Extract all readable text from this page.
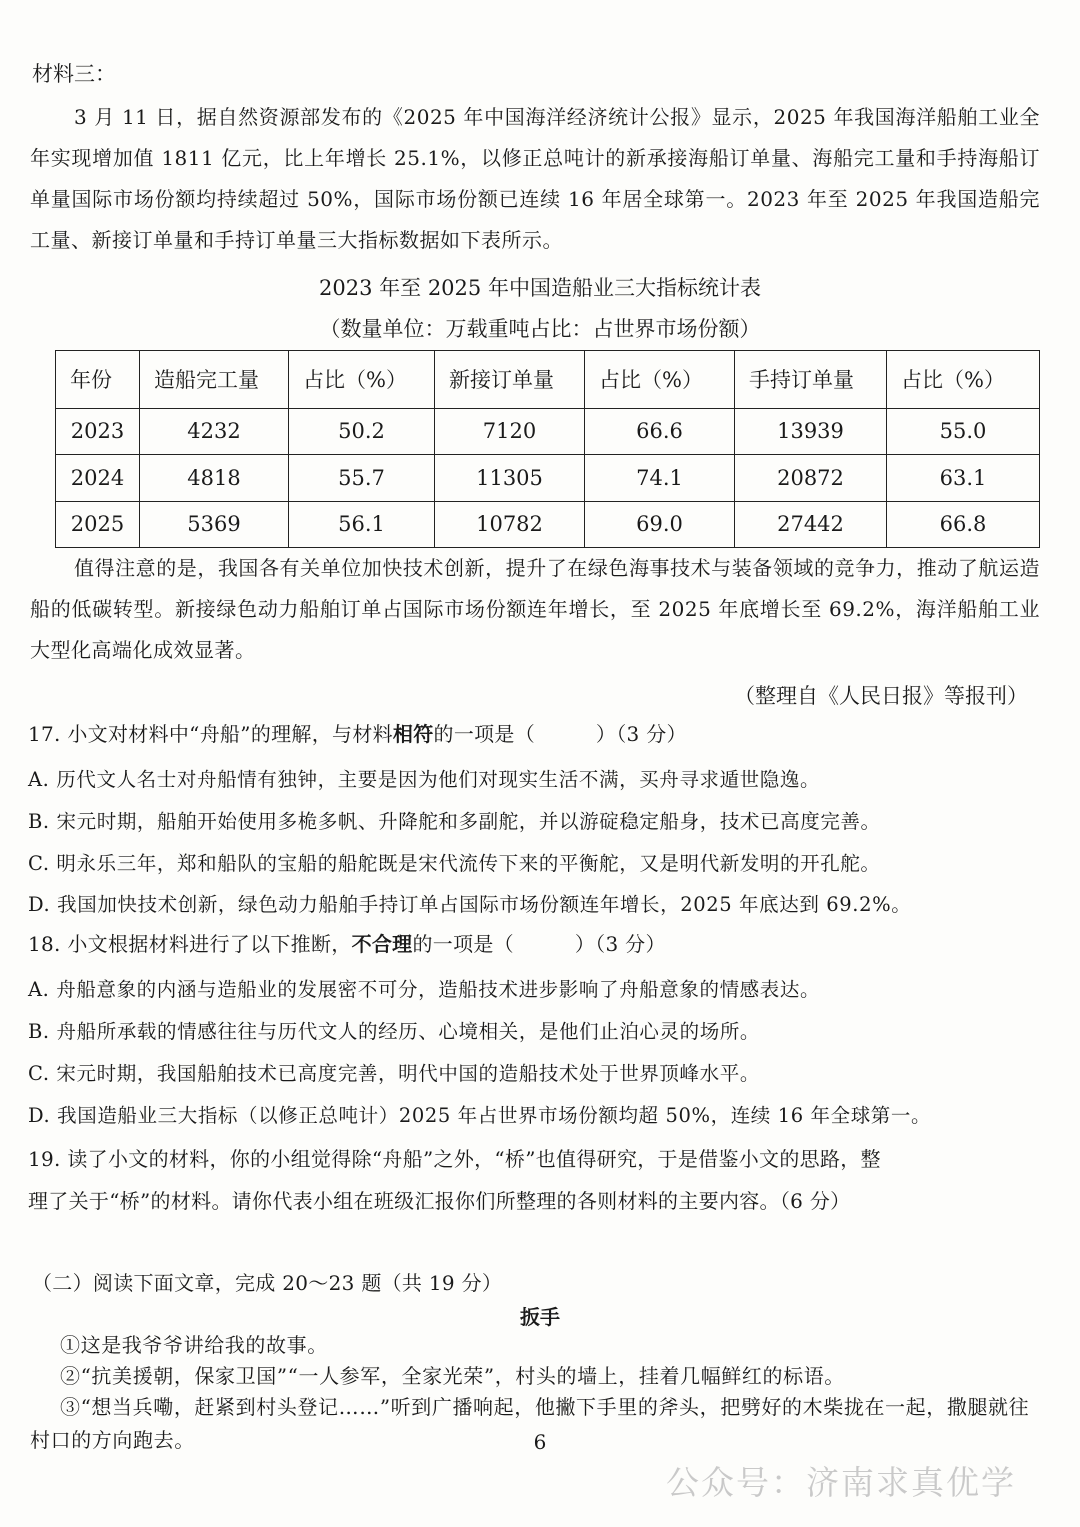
材料三：
3 月 11 日，据自然资源部发布的《2025 年中国海洋经济统计公报》显示，2025 年我国海洋船舶工业全年实现增加值 1811 亿元，比上年增长 25.1%，以修正总吨计的新承接海船订单量、海船完工量和手持海船订单量国际市场份额均持续超过 50%，国际市场份额已连续 16 年居全球第一。2023 年至 2025 年我国造船完工量、新接订单量和手持订单量三大指标数据如下表所示。
2023 年至 2025 年中国造船业三大指标统计表
（数量单位：万载重吨占比：占世界市场份额）
年份	造船完工量	占比（%）	新接订单量	占比（%）	手持订单量	占比（%）
2023	4232	50.2	7120	66.6	13939	55.0
2024	4818	55.7	11305	74.1	20872	63.1
2025	5369	56.1	10782	69.0	27442	66.8
值得注意的是，我国各有关单位加快技术创新，提升了在绿色海事技术与装备领域的竞争力，推动了航运造船的低碳转型。新接绿色动力船舶订单占国际市场份额连年增长，至 2025 年底增长至 69.2%，海洋船舶工业大型化高端化成效显著。
（整理自《人民日报》等报刊）
17. 小文对材料中“舟船”的理解，与材料相符的一项是（　　　）（3 分）
A. 历代文人名士对舟船情有独钟，主要是因为他们对现实生活不满，买舟寻求遁世隐逸。
B. 宋元时期，船舶开始使用多桅多帆、升降舵和多副舵，并以游碇稳定船身，技术已高度完善。
C. 明永乐三年，郑和船队的宝船的船舵既是宋代流传下来的平衡舵，又是明代新发明的开孔舵。
D. 我国加快技术创新，绿色动力船舶手持订单占国际市场份额连年增长，2025 年底达到 69.2%。
18. 小文根据材料进行了以下推断，不合理的一项是（　　　）（3 分）
A. 舟船意象的内涵与造船业的发展密不可分，造船技术进步影响了舟船意象的情感表达。
B. 舟船所承载的情感往往与历代文人的经历、心境相关，是他们止泊心灵的场所。
C. 宋元时期，我国船舶技术已高度完善，明代中国的造船技术处于世界顶峰水平。
D. 我国造船业三大指标（以修正总吨计）2025 年占世界市场份额均超 50%，连续 16 年全球第一。
19. 读了小文的材料，你的小组觉得除“舟船”之外，“桥”也值得研究，于是借鉴小文的思路，整
理了关于“桥”的材料。请你代表小组在班级汇报你们所整理的各则材料的主要内容。（6 分）
（二）阅读下面文章，完成 20～23 题（共 19 分）
扳手
①这是我爷爷讲给我的故事。
②“抗美援朝，保家卫国”“一人参军，全家光荣”，村头的墙上，挂着几幅鲜红的标语。
③“想当兵嘞，赶紧到村头登记……”听到广播响起，他撇下手里的斧头，把劈好的木柴拢在一起，撒腿就往村口的方向跑去。	6
公众号：济南求真优学
